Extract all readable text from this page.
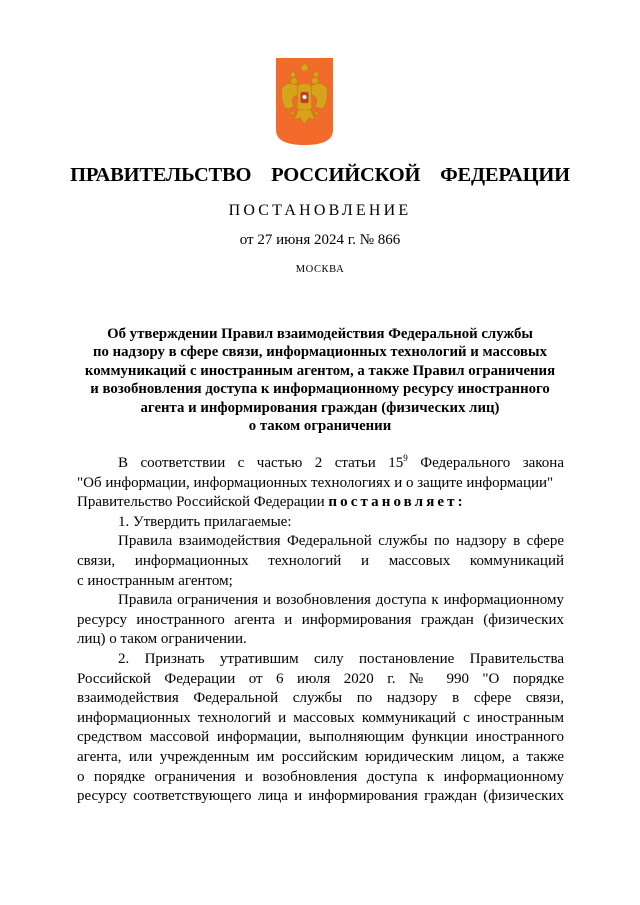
ПРАВИТЕЛЬСТВО  РОССИЙСКОЙ  ФЕДЕРАЦИИ
ПОСТАНОВЛЕНИЕ
от 27 июня 2024 г. № 866
МОСКВА
Об утверждении Правил взаимодействия Федеральной службы
по надзору в сфере связи, информационных технологий и массовых
коммуникаций с иностранным агентом, а также Правил ограничения
и возобновления доступа к информационному ресурсу иностранного
агента и информирования граждан (физических лиц)
о таком ограничении
В соответствии с частью 2 статьи $15^9$ Федерального закона
"Об информации, информационных технологиях и о защите информации"
Правительство Российской Федерации постановляет:
1. Утвердить прилагаемые:
Правила взаимодействия Федеральной службы по надзору в сфере
связи, информационных технологий и массовых коммуникаций
с иностранным агентом;
Правила ограничения и возобновления доступа к информационному
ресурсу иностранного агента и информирования граждан (физических
лиц) о таком ограничении.
2. Признать утратившим силу постановление Правительства
Российской Федерации от 6 июля 2020 г. № 990 "О порядке
взаимодействия Федеральной службы по надзору в сфере связи,
информационных технологий и массовых коммуникаций с иностранным
средством массовой информации, выполняющим функции иностранного
агента, или учрежденным им российским юридическим лицом, а также
о порядке ограничения и возобновления доступа к информационному
ресурсу соответствующего лица и информирования граждан (физических
